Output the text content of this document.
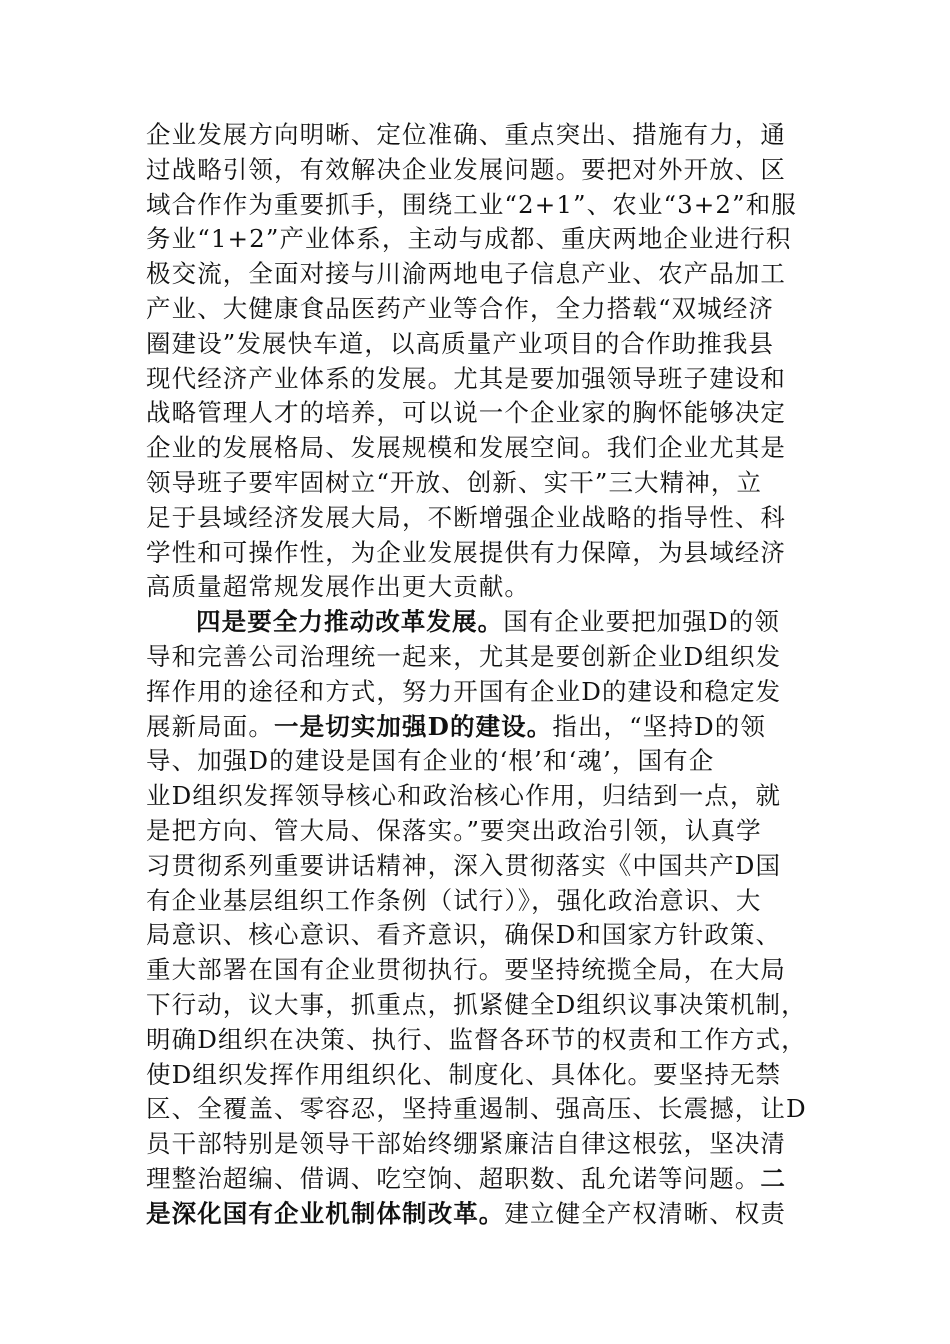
企业发展方向明晰、定位准确、重点突出、措施有力，通
过战略引领，有效解决企业发展问题。要把对外开放、区
域合作作为重要抓手，围绕工业“2+1”、农业“3+2”和服
务业“1+2”产业体系，主动与成都、重庆两地企业进行积
极交流，全面对接与川渝两地电子信息产业、农产品加工
产业、大健康食品医药产业等合作，全力搭载“双城经济
圈建设”发展快车道，以高质量产业项目的合作助推我县
现代经济产业体系的发展。尤其是要加强领导班子建设和
战略管理人才的培养，可以说一个企业家的胸怀能够决定
企业的发展格局、发展规模和发展空间。我们企业尤其是
领导班子要牢固树立“开放、创新、实干”三大精神，立
足于县域经济发展大局，不断增强企业战略的指导性、科
学性和可操作性，为企业发展提供有力保障，为县域经济
高质量超常规发展作出更大贡献。
四是要全力推动改革发展。国有企业要把加强D的领
导和完善公司治理统一起来，尤其是要创新企业D组织发
挥作用的途径和方式，努力开国有企业D的建设和稳定发
展新局面。一是切实加强D的建设。指出，“坚持D的领
导、加强D的建设是国有企业的‘根’和‘魂’，国有企
业D组织发挥领导核心和政治核心作用，归结到一点，就
是把方向、管大局、保落实。”要突出政治引领，认真学
习贯彻系列重要讲话精神，深入贯彻落实《中国共产D国
有企业基层组织工作条例（试行）》，强化政治意识、大
局意识、核心意识、看齐意识，确保D和国家方针政策、
重大部署在国有企业贯彻执行。要坚持统揽全局，在大局
下行动，议大事，抓重点，抓紧健全D组织议事决策机制，
明确D组织在决策、执行、监督各环节的权责和工作方式，
使D组织发挥作用组织化、制度化、具体化。要坚持无禁
区、全覆盖、零容忍，坚持重遏制、强高压、长震撼，让D
员干部特别是领导干部始终绷紧廉洁自律这根弦，坚决清
理整治超编、借调、吃空饷、超职数、乱允诺等问题。二
是深化国有企业机制体制改革。建立健全产权清晰、权责
